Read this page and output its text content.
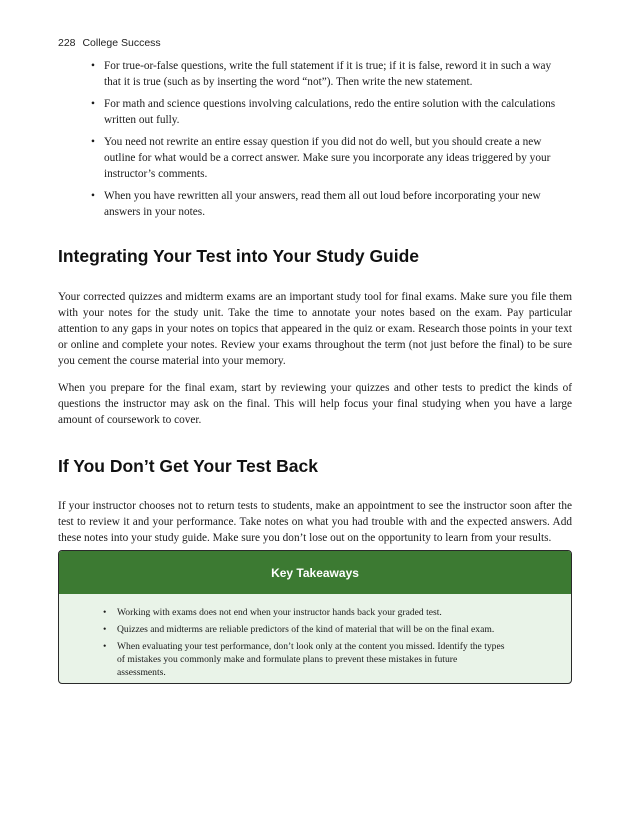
228 College Success
• For true-or-false questions, write the full statement if it is true; if it is false, reword it in such a way that it is true (such as by inserting the word “not”). Then write the new statement.
• For math and science questions involving calculations, redo the entire solution with the calculations written out fully.
• You need not rewrite an entire essay question if you did not do well, but you should create a new outline for what would be a correct answer. Make sure you incorporate any ideas triggered by your instructor’s comments.
• When you have rewritten all your answers, read them all out loud before incorporating your new answers in your notes.
Integrating Your Test into Your Study Guide

Your corrected quizzes and midterm exams are an important study tool for final exams. Make sure you file them with your notes for the study unit. Take the time to annotate your notes based on the exam. Pay particular attention to any gaps in your notes on topics that appeared in the quiz or exam. Research those points in your text or online and complete your notes. Review your exams throughout the term (not just before the final) to be sure you cement the course material into your memory.

When you prepare for the final exam, start by reviewing your quizzes and other tests to predict the kinds of questions the instructor may ask on the final. This will help focus your final studying when you have a large amount of coursework to cover.

If You Don’t Get Your Test Back

If your instructor chooses not to return tests to students, make an appointment to see the instructor soon after the test to review it and your performance. Take notes on what you had trouble with and the expected answers. Add these notes into your study guide. Make sure you don’t lose out on the opportunity to learn from your results.

Key Takeaways
• Working with exams does not end when your instructor hands back your graded test.
• Quizzes and midterms are reliable predictors of the kind of material that will be on the final exam.
• When evaluating your test performance, don’t look only at the content you missed. Identify the types of mistakes you commonly make and formulate plans to prevent these mistakes in future assessments.
